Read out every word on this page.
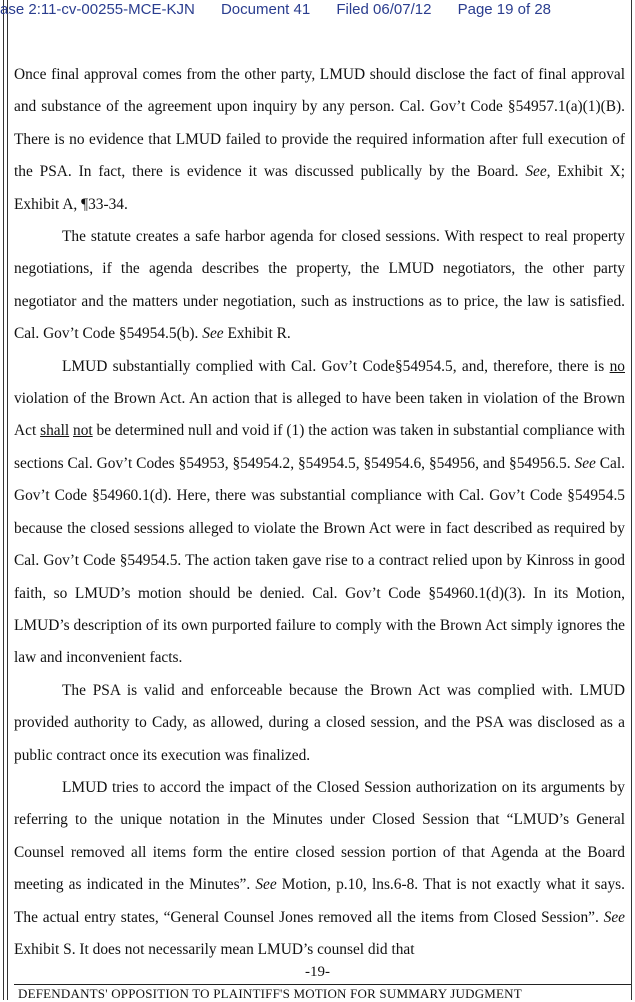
ase 2:11-cv-00255-MCE-KJN Document 41 Filed 06/07/12 Page 19 of 28

Once final approval comes from the other party, LMUD should disclose the fact of final approval and substance of the agreement upon inquiry by any person. Cal. Gov’t Code §54957.1(a)(1)(B). There is no evidence that LMUD failed to provide the required information after full execution of the PSA. In fact, there is evidence it was discussed publically by the Board. See, Exhibit X; Exhibit A, ¶33-34.

The statute creates a safe harbor agenda for closed sessions. With respect to real property negotiations, if the agenda describes the property, the LMUD negotiators, the other party negotiator and the matters under negotiation, such as instructions as to price, the law is satisfied. Cal. Gov’t Code §54954.5(b). See Exhibit R.

LMUD substantially complied with Cal. Gov’t Code§54954.5, and, therefore, there is no violation of the Brown Act. An action that is alleged to have been taken in violation of the Brown Act shall not be determined null and void if (1) the action was taken in substantial compliance with sections Cal. Gov’t Codes §54953, §54954.2, §54954.5, §54954.6, §54956, and §54956.5. See Cal. Gov’t Code §54960.1(d). Here, there was substantial compliance with Cal. Gov’t Code §54954.5 because the closed sessions alleged to violate the Brown Act were in fact described as required by Cal. Gov’t Code §54954.5. The action taken gave rise to a contract relied upon by Kinross in good faith, so LMUD’s motion should be denied. Cal. Gov’t Code §54960.1(d)(3). In its Motion, LMUD’s description of its own purported failure to comply with the Brown Act simply ignores the law and inconvenient facts.

The PSA is valid and enforceable because the Brown Act was complied with. LMUD provided authority to Cady, as allowed, during a closed session, and the PSA was disclosed as a public contract once its execution was finalized.

LMUD tries to accord the impact of the Closed Session authorization on its arguments by referring to the unique notation in the Minutes under Closed Session that “LMUD’s General Counsel removed all items form the entire closed session portion of that Agenda at the Board meeting as indicated in the Minutes”. See Motion, p.10, lns.6-8. That is not exactly what it says. The actual entry states, “General Counsel Jones removed all the items from Closed Session”. See Exhibit S. It does not necessarily mean LMUD’s counsel did that

-19-
DEFENDANTS' OPPOSITION TO PLAINTIFF'S MOTION FOR SUMMARY JUDGMENT
